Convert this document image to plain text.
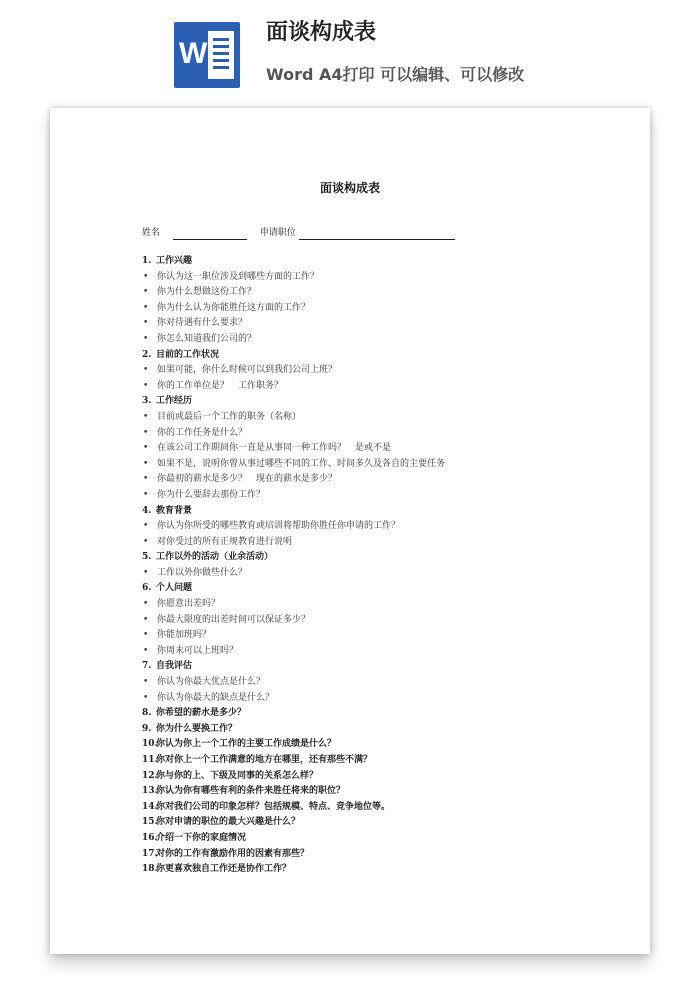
W
面谈构成表
Word A4打印 可以编辑、可以修改
面谈构成表
姓名	申请职位
1. 工作兴趣
• 你认为这一职位涉及到哪些方面的工作？
• 你为什么想做这份工作？
• 你为什么认为你能胜任这方面的工作？
• 你对待遇有什么要求？
• 你怎么知道我们公司的？
2. 目前的工作状况
• 如果可能，你什么时候可以到我们公司上班？
• 你的工作单位是？　工作职务？
3. 工作经历
• 目前或最后一个工作的职务（名称）
• 你的工作任务是什么？
• 在该公司工作期间你一直是从事同一种工作吗？　是或不是
• 如果不是，说明你曾从事过哪些不同的工作、时间多久及各自的主要任务
• 你最初的薪水是多少？　现在的薪水是多少？
• 你为什么要辞去那份工作？
4. 教育背景
• 你认为你所受的哪些教育或培训将帮助你胜任你申请的工作？
• 对你受过的所有正规教育进行说明
5. 工作以外的活动（业余活动）
• 工作以外你做些什么？
6. 个人问题
• 你愿意出差吗？
• 你最大限度的出差时间可以保证多少？
• 你能加班吗？
• 你周末可以上班吗？
7. 自我评估
• 你认为你最大优点是什么？
• 你认为你最大的缺点是什么？
8. 你希望的薪水是多少？
9. 你为什么要换工作？
10.你认为你上一个工作的主要工作成绩是什么？
11.你对你上一个工作满意的地方在哪里，还有那些不满？
12.你与你的上、下级及同事的关系怎么样？
13.你认为你有哪些有利的条件来胜任将来的职位？
14.你对我们公司的印象怎样？包括规模、特点、竞争地位等。
15.你对申请的职位的最大兴趣是什么？
16.介绍一下你的家庭情况
17.对你的工作有激励作用的因素有那些？
18.你更喜欢独自工作还是协作工作？
